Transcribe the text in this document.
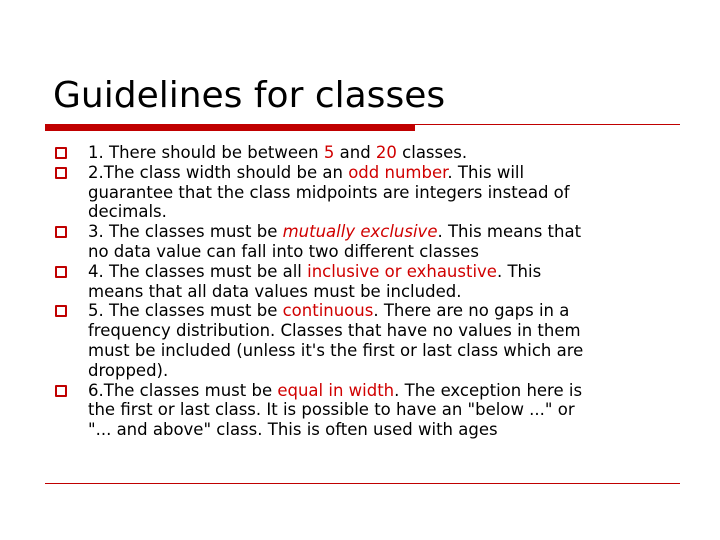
Guidelines for classes
1. There should be between 5 and 20 classes.
2.The class width should be an odd number. This will
guarantee that the class midpoints are integers instead of
decimals.
3. The classes must be mutually exclusive. This means that
no data value can fall into two different classes
4. The classes must be all inclusive or exhaustive. This
means that all data values must be included.
5. The classes must be continuous. There are no gaps in a
frequency distribution. Classes that have no values in them
must be included (unless it's the first or last class which are
dropped).
6.The classes must be equal in width. The exception here is
the first or last class. It is possible to have an "below ..." or
"... and above" class. This is often used with ages
